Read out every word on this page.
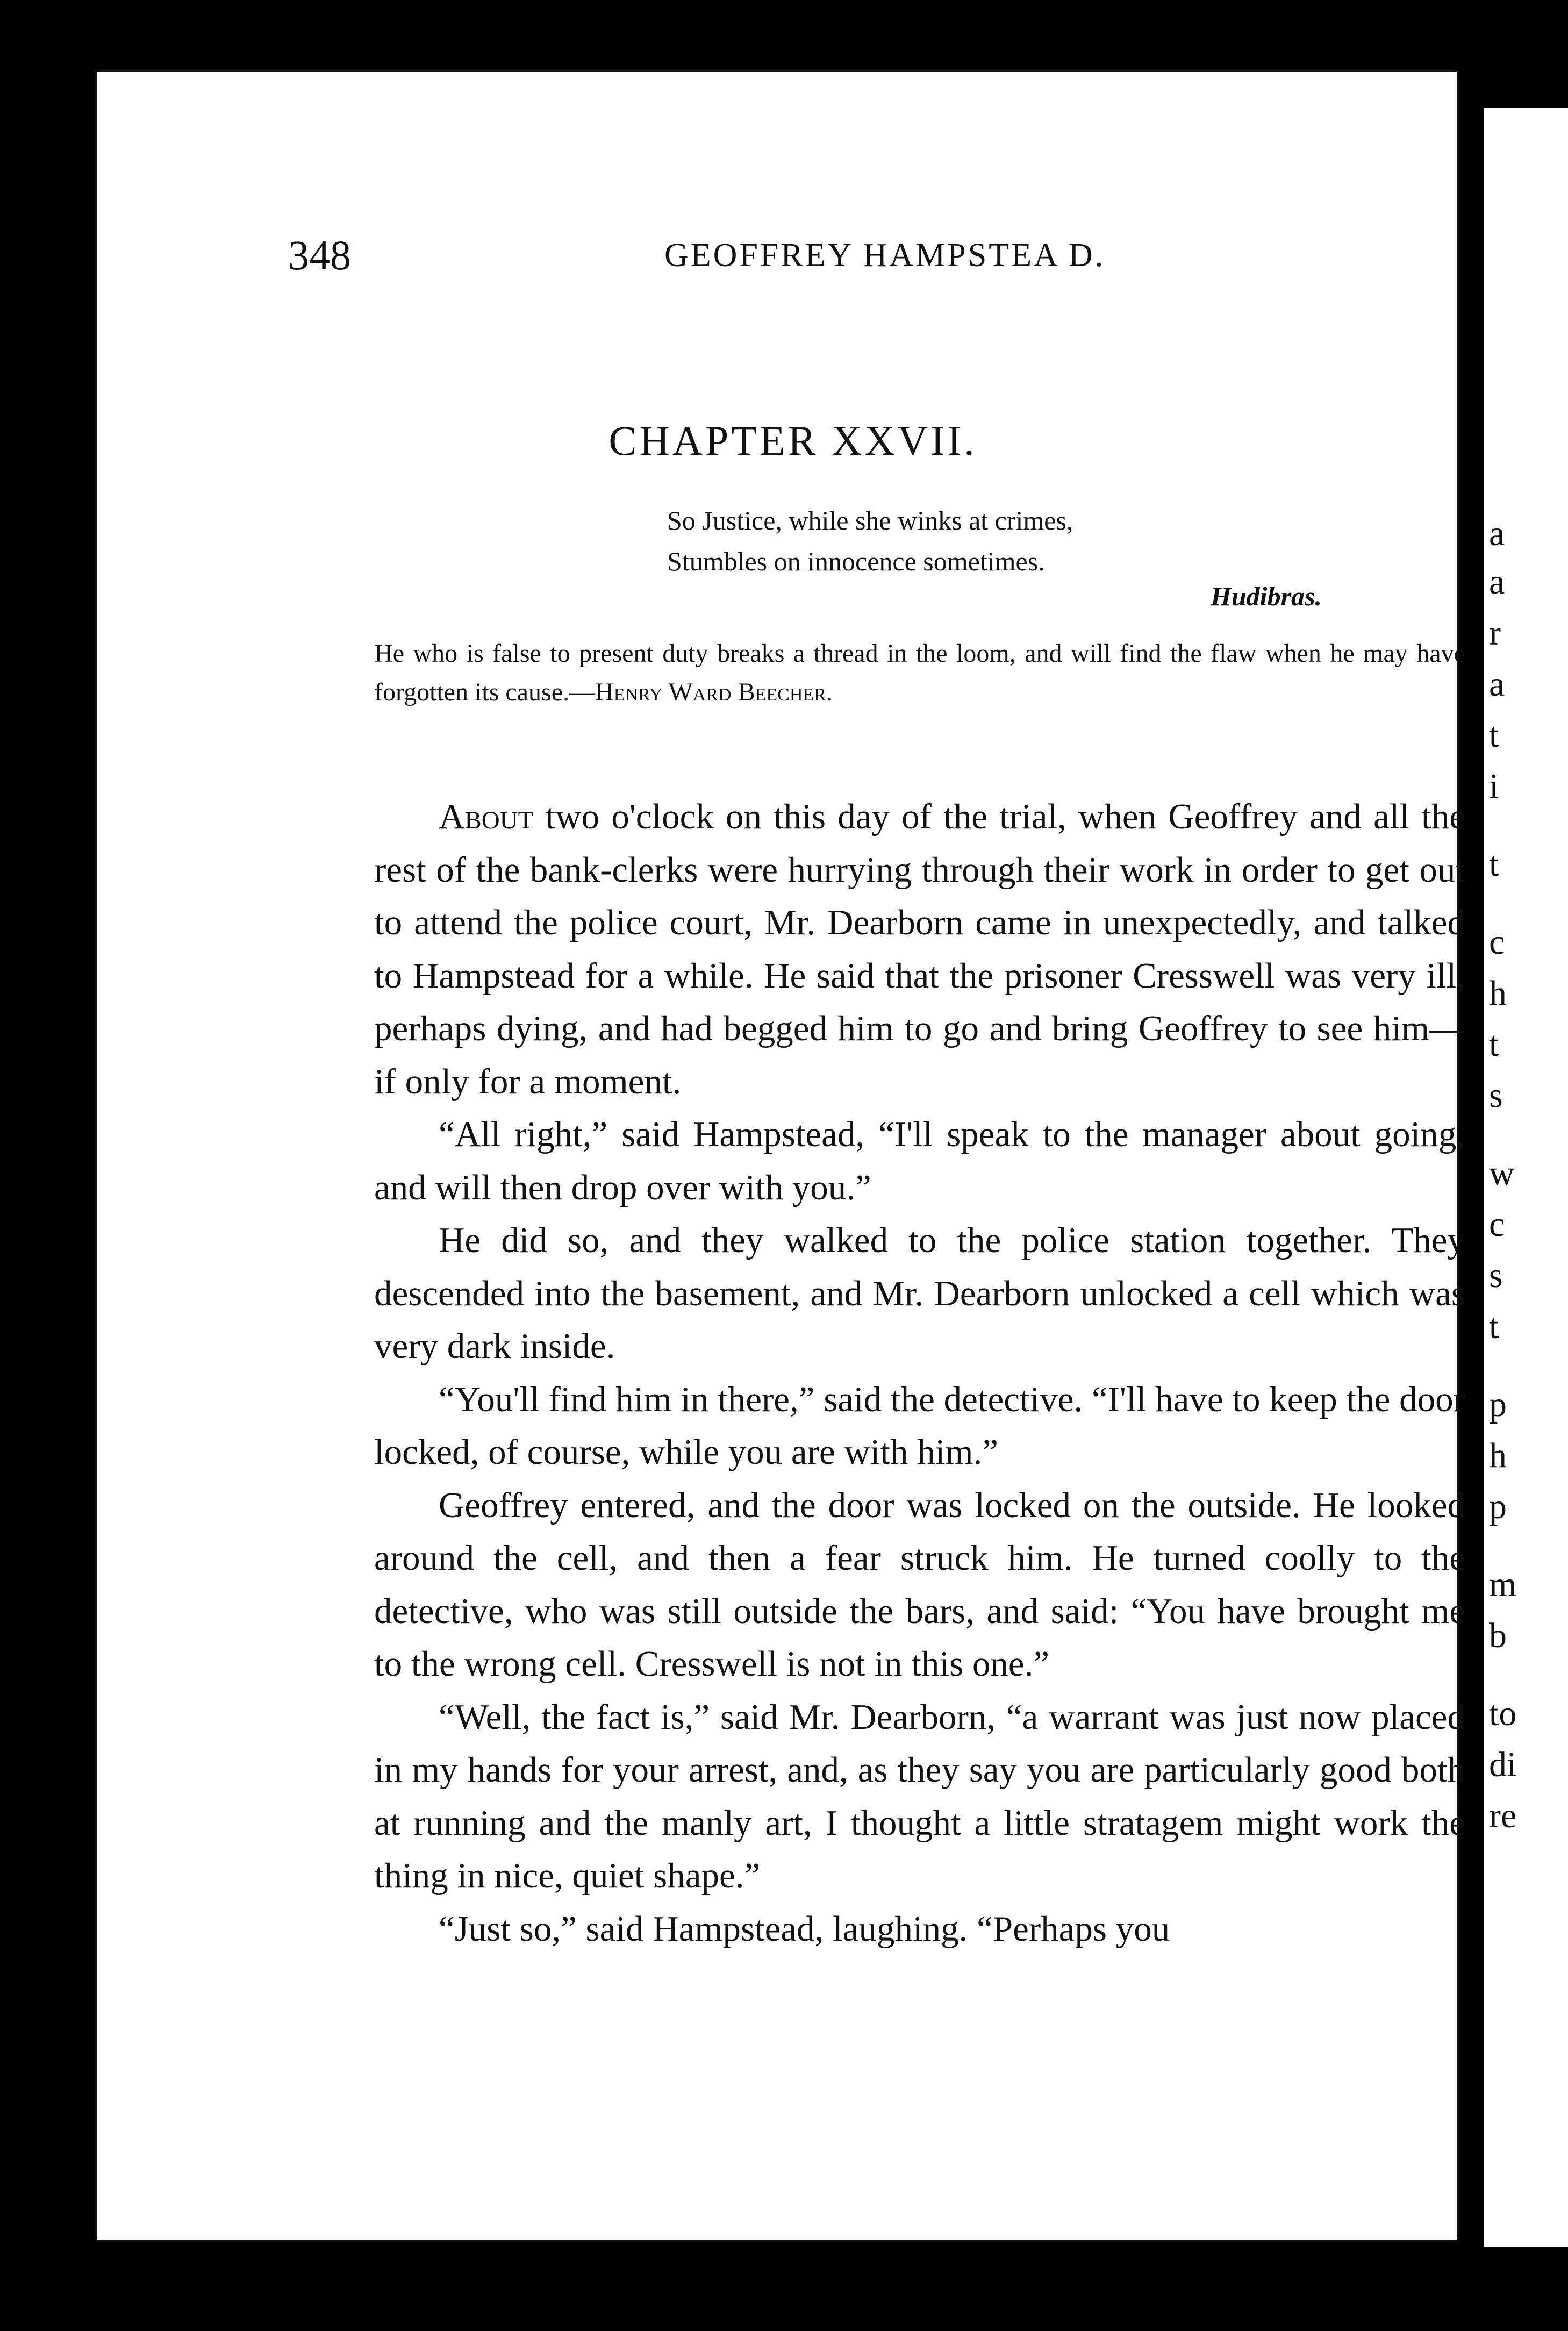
348	GEOFFREY HAMPSTEA D.
CHAPTER XXVII.
So Justice, while she winks at crimes,
Stumbles on innocence sometimes.
Hudibras.
He who is false to present duty breaks a thread in the loom, and will find the flaw when he may have forgotten its cause.—Henry Ward Beecher.

About two o'clock on this day of the trial, when Geoffrey and all the rest of the bank-clerks were hurrying through their work in order to get out to attend the police court, Mr. Dearborn came in unexpectedly, and talked to Hampstead for a while. He said that the prisoner Cresswell was very ill, perhaps dying, and had begged him to go and bring Geoffrey to see him—if only for a moment.

“All right,” said Hampstead, “I'll speak to the manager about going, and will then drop over with you.”

He did so, and they walked to the police station together. They descended into the basement, and Mr. Dearborn unlocked a cell which was very dark inside.

“You'll find him in there,” said the detective. “I'll have to keep the door locked, of course, while you are with him.”

Geoffrey entered, and the door was locked on the outside. He looked around the cell, and then a fear struck him. He turned coolly to the detective, who was still outside the bars, and said: “You have brought me to the wrong cell. Cresswell is not in this one.”

“Well, the fact is,” said Mr. Dearborn, “a warrant was just now placed in my hands for your arrest, and, as they say you are particularly good both at running and the manly art, I thought a little stratagem might work the thing in nice, quiet shape.”

“Just so,” said Hampstead, laughing. “Perhaps you

a
a
r
a
t
i
t
c
h
t
s
w
c
s
t
p
h
p
m
b
to
di
re
